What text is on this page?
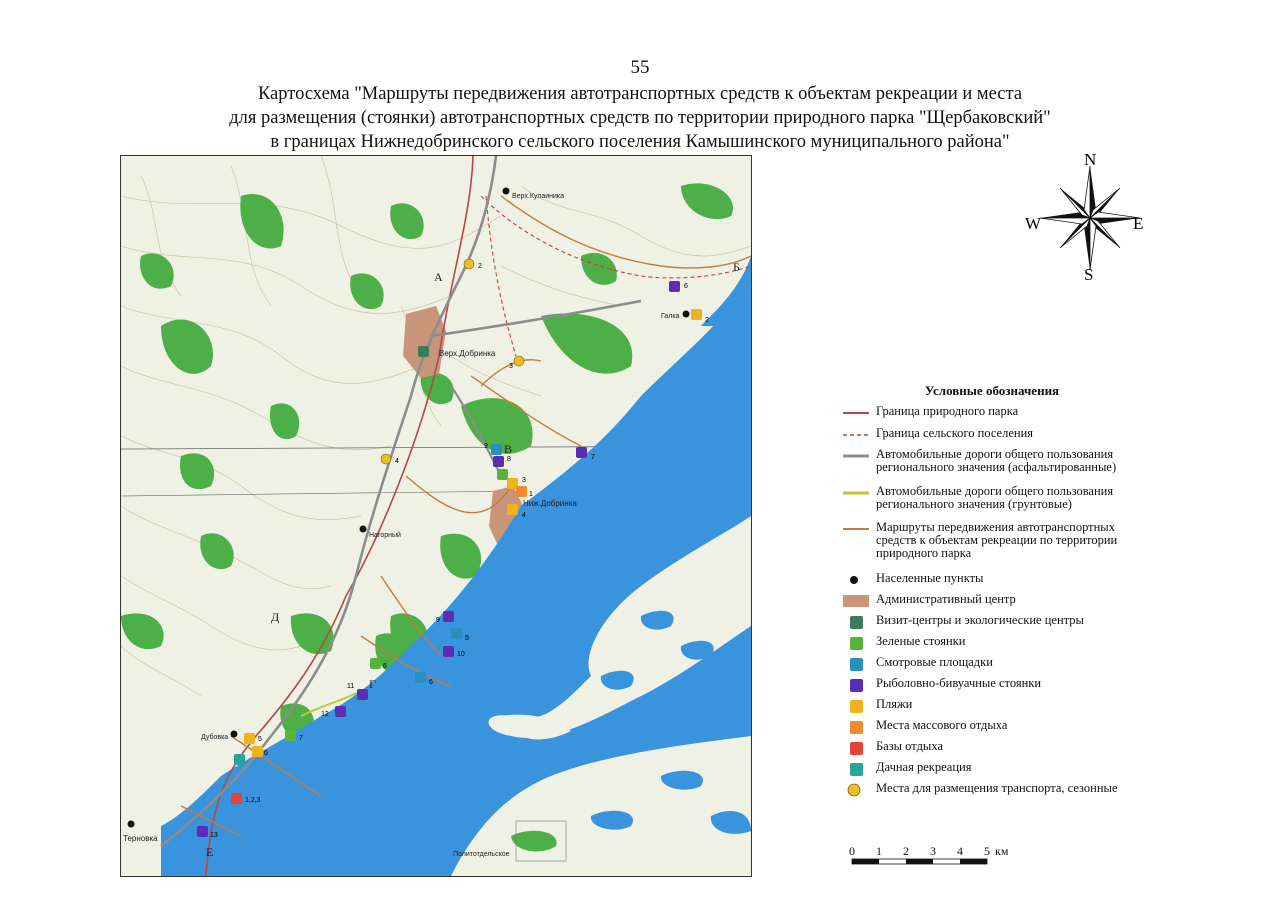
55
Картосхема "Маршруты передвижения автотранспортных средств к объектам рекреации и места
для размещения (стоянки) автотранспортных средств по территории природного парка "Щербаковский"
в границах Нижнедобринского сельского поселения Камышинского муниципального района"
Верх.Кулаиника
Верх.Добринка
Галка
Ниж.Добринка
Нагорный
Дубовка
Терновка
Политотдельское
А
Б
В
Г
Д
Е
2
3
4
6
7
8
9
10
11
12
13
9
5
6
6
7
2
3
4
5
6
1
1,2,3
N
S
E
W
Условные обозначения
Граница природного парка
Граница сельского поселения
Автомобильные дороги общего пользования регионального значения (асфальтированные)
Автомобильные дороги общего пользования регионального значения (грунтовые)
Маршруты передвижения автотранспортных средств к объектам рекреации по территории природного парка
Населенные пункты
Административный центр
Визит-центры и экологические центры
Зеленые стоянки
Смотровые площадки
Рыболовно-бивуачные стоянки
Пляжи
Места массового отдыха
Базы отдыха
Дачная рекреация
Места для размещения транспорта, сезонные
0 1 2 3 4 5 км
